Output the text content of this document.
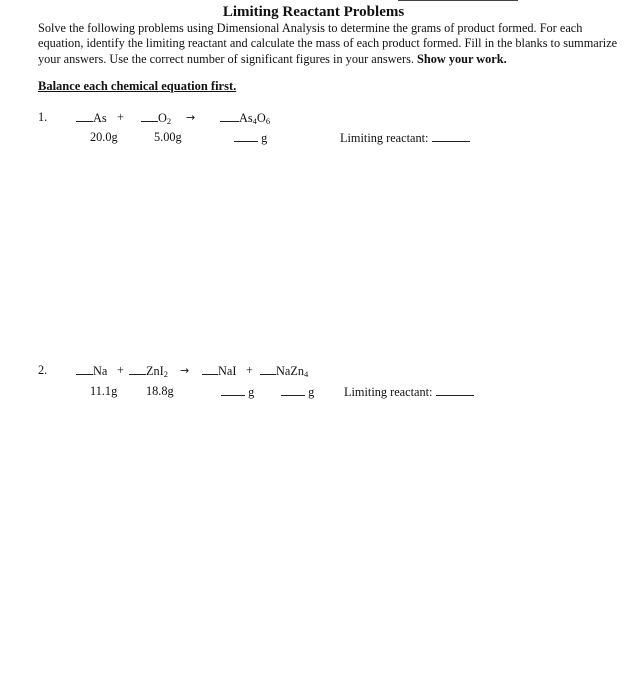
Limiting Reactant Problems
Solve the following problems using Dimensional Analysis to determine the grams of product formed. For each equation, identify the limiting reactant and calculate the mass of each product formed. Fill in the blanks to summarize your answers. Use the correct number of significant figures in your answers. Show your work.
Balance each chemical equation first.
1.	As +	$O_2$ →	$As_4O_6$
20.0g	5.00g	g	Limiting reactant:
2.	Na +	ZnI$_2$ →	NaI +	NaZn$_4$
11.1g 18.8g	g	g Limiting reactant:
